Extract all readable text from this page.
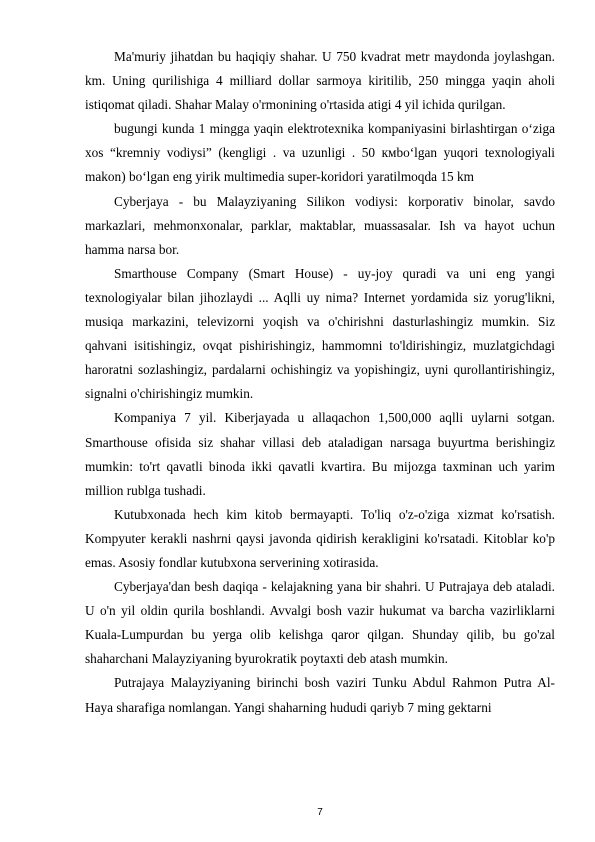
Ma'muriy jihatdan bu haqiqiy shahar. U 750 kvadrat metr maydonda joylashgan. km. Uning qurilishiga 4 milliard dollar sarmoya kiritilib, 250 mingga yaqin aholi istiqomat qiladi. Shahar Malay o'rmonining o'rtasida atigi 4 yil ichida qurilgan.

bugungi kunda 1 mingga yaqin elektrotexnika kompaniyasini birlashtirgan o‘ziga xos “kremniy vodiysi” (kengligi . va uzunligi . 50 кмbo‘lgan yuqori texnologiyali makon) bo‘lgan eng yirik multimedia super-koridori yaratilmoqda 15 km

Cyberjaya - bu Malayziyaning Silikon vodiysi: korporativ binolar, savdo markazlari, mehmonxonalar, parklar, maktablar, muassasalar. Ish va hayot uchun hamma narsa bor.

Smarthouse Company (Smart House) - uy-joy quradi va uni eng yangi texnologiyalar bilan jihozlaydi ... Aqlli uy nima? Internet yordamida siz yorug'likni, musiqa markazini, televizorni yoqish va o'chirishni dasturlashingiz mumkin. Siz qahvani isitishingiz, ovqat pishirishingiz, hammomni to'ldirishingiz, muzlatgichdagi haroratni sozlashingiz, pardalarni ochishingiz va yopishingiz, uyni qurollantirishingiz, signalni o'chirishingiz mumkin.

Kompaniya 7 yil. Kiberjayada u allaqachon 1,500,000 aqlli uylarni sotgan. Smarthouse ofisida siz shahar villasi deb ataladigan narsaga buyurtma berishingiz mumkin: to'rt qavatli binoda ikki qavatli kvartira. Bu mijozga taxminan uch yarim million rublga tushadi.

Kutubxonada hech kim kitob bermayapti. To'liq o'z-o'ziga xizmat ko'rsatish. Kompyuter kerakli nashrni qaysi javonda qidirish kerakligini ko'rsatadi. Kitoblar ko'p emas. Asosiy fondlar kutubxona serverining xotirasida.

Cyberjaya'dan besh daqiqa - kelajakning yana bir shahri. U Putrajaya deb ataladi. U o'n yil oldin qurila boshlandi. Avvalgi bosh vazir hukumat va barcha vazirliklarni Kuala-Lumpurdan bu yerga olib kelishga qaror qilgan. Shunday qilib, bu go'zal shaharchani Malayziyaning byurokratik poytaxti deb atash mumkin.

Putrajaya Malayziyaning birinchi bosh vaziri Tunku Abdul Rahmon Putra Al-Haya sharafiga nomlangan. Yangi shaharning hududi qariyb 7 ming gektarni

7
